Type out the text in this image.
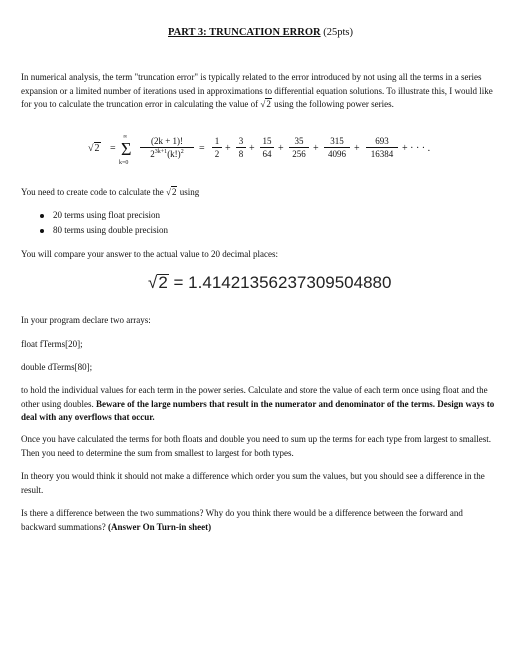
PART 3: TRUNCATION ERROR (25pts)

In numerical analysis, the term "truncation error" is typically related to the error introduced by not using all the terms in a series expansion or a limited number of iterations used in approximations to differential equation solutions. To illustrate this, I would like for you to calculate the truncation error in calculating the value of √2 using the following power series.

√2 =
∞
Σ
k=0
(2k + 1)!
$2^{3k+1}(k!)^2$	=
1
2 +
3
8 +
15
64 +
35
256 +
315
4096 +
693
16384 + · · · .

You need to create code to calculate the √2 using

20 terms using float precision
80 terms using double precision

You will compare your answer to the actual value to 20 decimal places:

√2 = 1.41421356237309504880

In your program declare two arrays:

float fTerms[20];

double dTerms[80];

to hold the individual values for each term in the power series. Calculate and store the value of each term once using float and the other using doubles. Beware of the large numbers that result in the numerator and denominator of the terms. Design ways to deal with any overflows that occur.

Once you have calculated the terms for both floats and double you need to sum up the terms for each type from largest to smallest. Then you need to determine the sum from smallest to largest for both types.

In theory you would think it should not make a difference which order you sum the values, but you should see a difference in the result.

Is there a difference between the two summations? Why do you think there would be a difference between the forward and backward summations? (Answer On Turn-in sheet)
